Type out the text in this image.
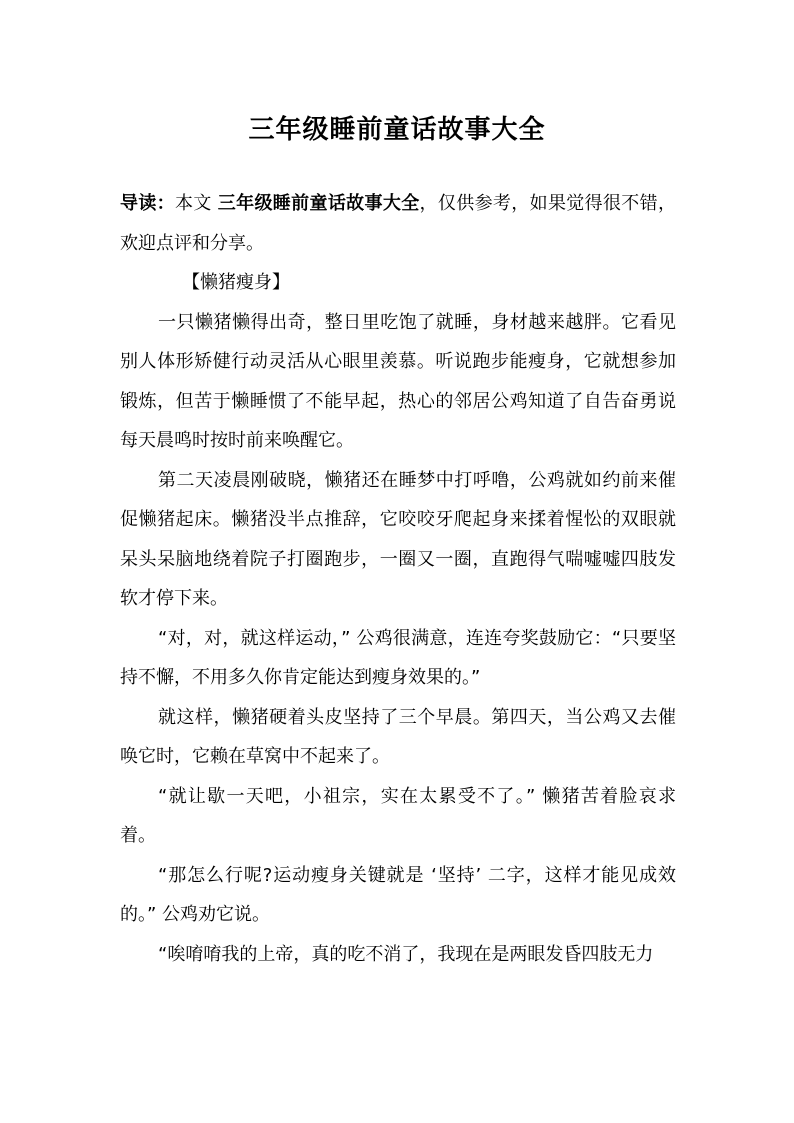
三年级睡前童话故事大全

导读：本文 三年级睡前童话故事大全，仅供参考，如果觉得很不错，欢迎点评和分享。

【懒猪瘦身】

一只懒猪懒得出奇，整日里吃饱了就睡，身材越来越胖。它看见别人体形矫健行动灵活从心眼里羡慕。听说跑步能瘦身，它就想参加锻炼，但苦于懒睡惯了不能早起，热心的邻居公鸡知道了自告奋勇说每天晨鸣时按时前来唤醒它。

第二天凌晨刚破晓，懒猪还在睡梦中打呼噜，公鸡就如约前来催促懒猪起床。懒猪没半点推辞，它咬咬牙爬起身来揉着惺忪的双眼就呆头呆脑地绕着院子打圈跑步，一圈又一圈，直跑得气喘嘘嘘四肢发软才停下来。

“对，对，就这样运动，” 公鸡很满意，连连夸奖鼓励它：“只要坚持不懈，不用多久你肯定能达到瘦身效果的。”

就这样，懒猪硬着头皮坚持了三个早晨。第四天，当公鸡又去催唤它时，它赖在草窝中不起来了。

“就让歇一天吧，小祖宗，实在太累受不了。” 懒猪苦着脸哀求着。

“那怎么行呢?运动瘦身关键就是 ‘坚持’ 二字，这样才能见成效的。” 公鸡劝它说。

“唉唷唷我的上帝，真的吃不消了，我现在是两眼发昏四肢无力
